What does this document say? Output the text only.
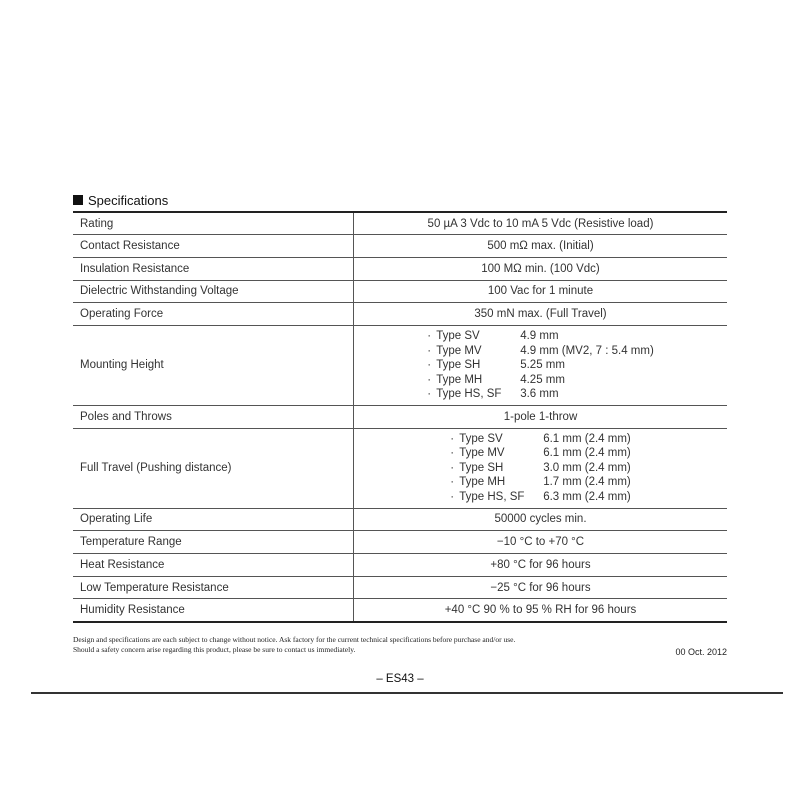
Specifications
Rating	50 µA 3 Vdc to 10 mA 5 Vdc (Resistive load)
Contact Resistance	500 mΩ max. (Initial)
Insulation Resistance	100 MΩ min. (100 Vdc)
Dielectric Withstanding Voltage	100 Vac for 1 minute
Operating Force	350 mN max. (Full Travel)
Mounting Height	· Type SV 4.9 mm
· Type MV 4.9 mm (MV2, 7 : 5.4 mm)
· Type SH 5.25 mm
· Type MH 4.25 mm
· Type HS, SF 3.6 mm

Poles and Throws	1-pole 1-throw
Full Travel (Pushing distance)	· Type SV 6.1 mm (2.4 mm)
· Type MV 6.1 mm (2.4 mm)
· Type SH 3.0 mm (2.4 mm)
· Type MH 1.7 mm (2.4 mm)
· Type HS, SF 6.3 mm (2.4 mm)

Operating Life	50000 cycles min.
Temperature Range	−10 °C to +70 °C
Heat Resistance	+80 °C for 96 hours
Low Temperature Resistance	−25 °C for 96 hours
Humidity Resistance	+40 °C 90 % to 95 % RH for 96 hours
Design and specifications are each subject to change without notice. Ask factory for the current technical specifications before purchase and/or use.
Should a safety concern arise regarding this product, please be sure to contact us immediately.	00 Oct. 2012
– ES43 –
